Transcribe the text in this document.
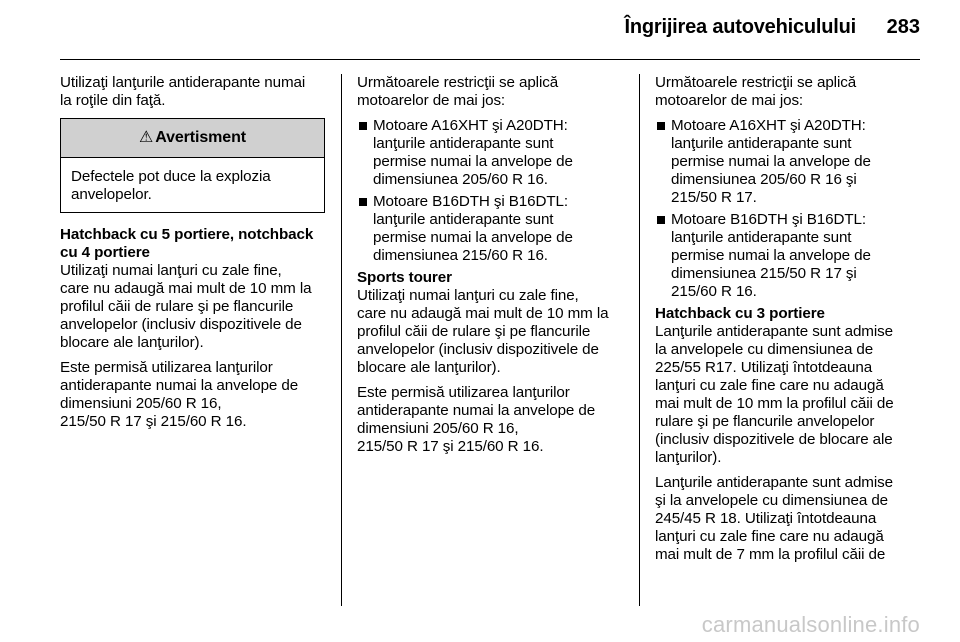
Îngrijirea autovehiculului 283

Utilizaţi lanţurile antiderapante numai
la roţile din faţă.

⚠ Avertisment
Defectele pot duce la explozia
anvelopelor.
Hatchback cu 5 portiere, notchback
cu 4 portiere

Utilizaţi numai lanţuri cu zale fine,
care nu adaugă mai mult de 10 mm la
profilul căii de rulare şi pe flancurile
anvelopelor (inclusiv dispozitivele de
blocare ale lanţurilor).

Este permisă utilizarea lanţurilor
antiderapante numai la anvelope de
dimensiuni 205/60 R 16,
215/50 R 17 şi 215/60 R 16.

Următoarele restricţii se aplică
motoarelor de mai jos:

Motoare A16XHT şi A20DTH:
lanţurile antiderapante sunt
permise numai la anvelope de
dimensiunea 205/60 R 16.
Motoare B16DTH şi B16DTL:
lanţurile antiderapante sunt
permise numai la anvelope de
dimensiunea 215/60 R 16.
Sports tourer

Utilizaţi numai lanţuri cu zale fine,
care nu adaugă mai mult de 10 mm la
profilul căii de rulare şi pe flancurile
anvelopelor (inclusiv dispozitivele de
blocare ale lanţurilor).

Este permisă utilizarea lanţurilor
antiderapante numai la anvelope de
dimensiuni 205/60 R 16,
215/50 R 17 şi 215/60 R 16.

Următoarele restricţii se aplică
motoarelor de mai jos:

Motoare A16XHT şi A20DTH:
lanţurile antiderapante sunt
permise numai la anvelope de
dimensiunea 205/60 R 16 şi
215/50 R 17.
Motoare B16DTH şi B16DTL:
lanţurile antiderapante sunt
permise numai la anvelope de
dimensiunea 215/50 R 17 şi
215/60 R 16.
Hatchback cu 3 portiere

Lanţurile antiderapante sunt admise
la anvelopele cu dimensiunea de
225/55 R17. Utilizaţi întotdeauna
lanţuri cu zale fine care nu adaugă
mai mult de 10 mm la profilul căii de
rulare şi pe flancurile anvelopelor
(inclusiv dispozitivele de blocare ale
lanţurilor).

Lanţurile antiderapante sunt admise
şi la anvelopele cu dimensiunea de
245/45 R 18. Utilizaţi întotdeauna
lanţuri cu zale fine care nu adaugă
mai mult de 7 mm la profilul căii de

carmanualsonline.info
